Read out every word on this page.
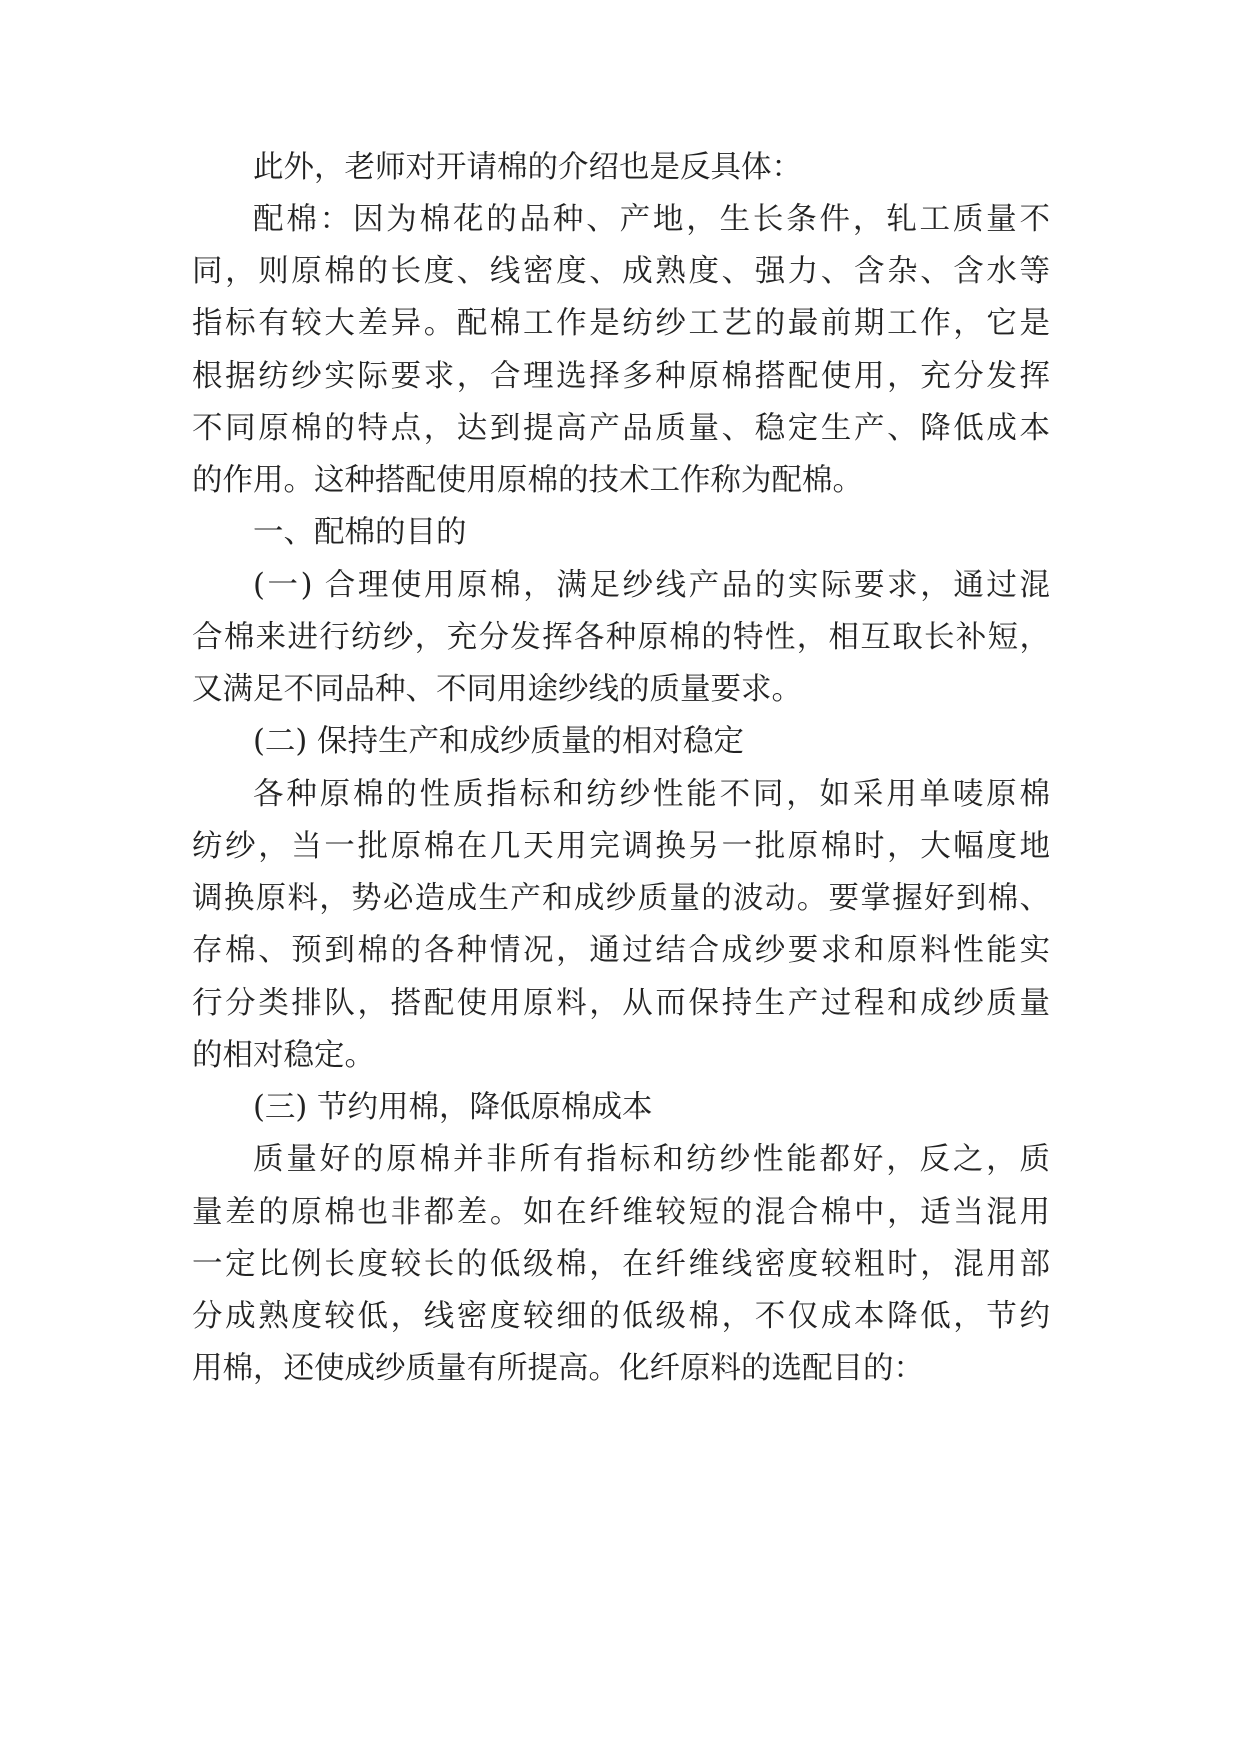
此外，老师对开请棉的介绍也是反具体：
配棉：因为棉花的品种、产地，生长条件，轧工质量不
同，则原棉的长度、线密度、成熟度、强力、含杂、含水等
指标有较大差异。配棉工作是纺纱工艺的最前期工作，它是
根据纺纱实际要求，合理选择多种原棉搭配使用，充分发挥
不同原棉的特点，达到提高产品质量、稳定生产、降低成本
的作用。这种搭配使用原棉的技术工作称为配棉。
一、配棉的目的
(一) 合理使用原棉，满足纱线产品的实际要求，通过混
合棉来进行纺纱，充分发挥各种原棉的特性，相互取长补短，
又满足不同品种、不同用途纱线的质量要求。
(二) 保持生产和成纱质量的相对稳定
各种原棉的性质指标和纺纱性能不同，如采用单唛原棉
纺纱，当一批原棉在几天用完调换另一批原棉时，大幅度地
调换原料，势必造成生产和成纱质量的波动。要掌握好到棉、
存棉、预到棉的各种情况，通过结合成纱要求和原料性能实
行分类排队，搭配使用原料，从而保持生产过程和成纱质量
的相对稳定。
(三) 节约用棉，降低原棉成本
质量好的原棉并非所有指标和纺纱性能都好，反之，质
量差的原棉也非都差。如在纤维较短的混合棉中，适当混用
一定比例长度较长的低级棉，在纤维线密度较粗时，混用部
分成熟度较低，线密度较细的低级棉，不仅成本降低，节约
用棉，还使成纱质量有所提高。化纤原料的选配目的：
